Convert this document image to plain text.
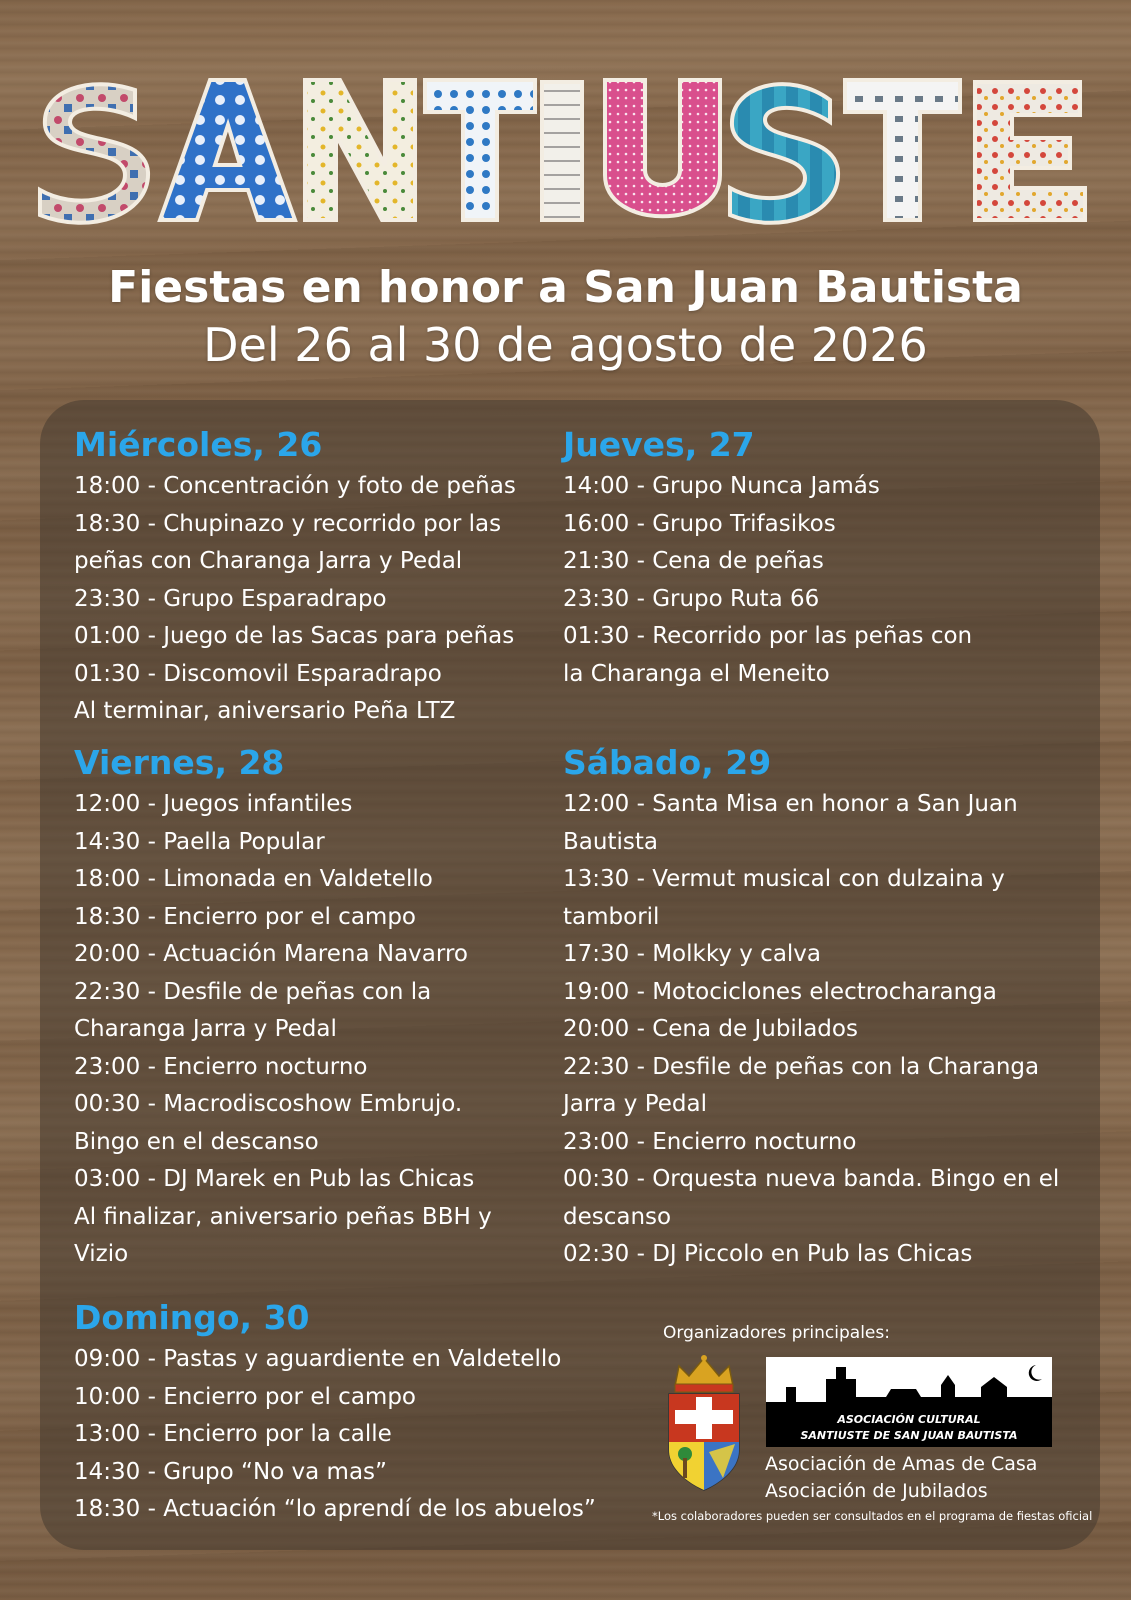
Fiestas en honor a San Juan Bautista
Del 26 al 30 de agosto de 2026
Miércoles, 26
18:00 - Concentración y foto de peñas
18:30 - Chupinazo y recorrido por las
peñas con Charanga Jarra y Pedal
23:30 - Grupo Esparadrapo
01:00 - Juego de las Sacas para peñas
01:30 - Discomovil Esparadrapo
Al terminar, aniversario Peña LTZ
Jueves, 27
14:00 - Grupo Nunca Jamás
16:00 - Grupo Trifasikos
21:30 - Cena de peñas
23:30 - Grupo Ruta 66
01:30 - Recorrido por las peñas con
la Charanga el Meneito
Viernes, 28
12:00 - Juegos infantiles
14:30 - Paella Popular
18:00 - Limonada en Valdetello
18:30 - Encierro por el campo
20:00 - Actuación Marena Navarro
22:30 - Desfile de peñas con la
Charanga Jarra y Pedal
23:00 - Encierro nocturno
00:30 - Macrodiscoshow Embrujo.
Bingo en el descanso
03:00 - DJ Marek en Pub las Chicas
Al finalizar, aniversario peñas BBH y
Vizio
Sábado, 29
12:00 - Santa Misa en honor a San Juan
Bautista
13:30 - Vermut musical con dulzaina y
tamboril
17:30 - Molkky y calva
19:00 - Motociclones electrocharanga
20:00 - Cena de Jubilados
22:30 - Desfile de peñas con la Charanga
Jarra y Pedal
23:00 - Encierro nocturno
00:30 - Orquesta nueva banda. Bingo en el
descanso
02:30 - DJ Piccolo en Pub las Chicas
Domingo, 30
09:00 - Pastas y aguardiente en Valdetello
10:00 - Encierro por el campo
13:00 - Encierro por la calle
14:30 - Grupo “No va mas”
18:30 - Actuación “lo aprendí de los abuelos”
Organizadores principales:
ASOCIACIÓN CULTURAL
SANTIUSTE DE SAN JUAN BAUTISTA
Asociación de Amas de Casa
Asociación de Jubilados
*Los colaboradores pueden ser consultados en el programa de fiestas oficial
